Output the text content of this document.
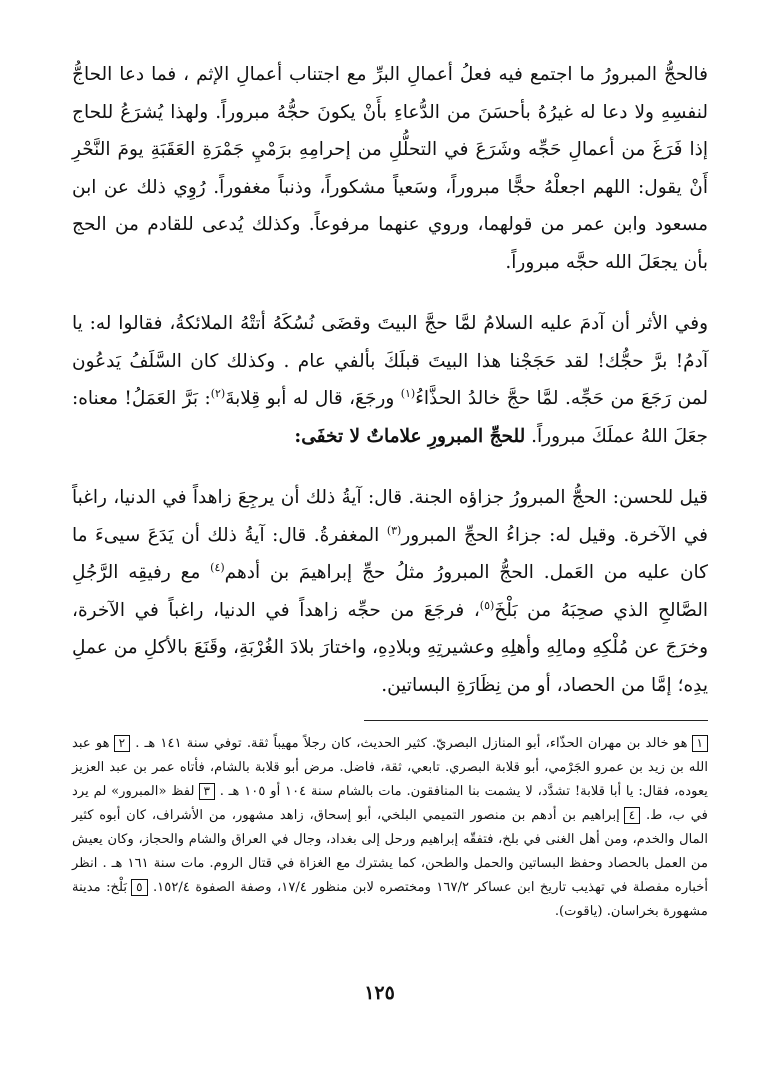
فالحجُّ المبرورُ ما اجتمع فيه فعلُ أعمالِ البرِّ مع اجتناب أعمالِ الإثم ، فما دعا الحاجُّ لنفسِهِ ولا دعا له غيرُهُ بأحسَنَ من الدُّعاءِ بأَنْ يكونَ حجُّهُ مبروراً. ولهذا يُشرَعُ للحاج إذا فَرَغَ من أعمالِ حَجِّه وشَرَعَ في التحلُّلِ من إحرامِهِ برَمْيِ جَمْرَةِ العَقَبَةِ يومَ النَّحْرِ أَنْ يقول: اللهم اجعلْهُ حجًّا مبروراً، وسَعياً مشكوراً، وذنباً مغفوراً. رُوِي ذلك عن ابن مسعود وابن عمر من قولهما، وروي عنهما مرفوعاً. وكذلك يُدعى للقادم من الحج بأن يجعَلَ الله حجَّه مبروراً.

وفي الأثر أن آدمَ عليه السلامُ لمَّا حجَّ البيتَ وقضَى نُسُكَهُ أتتْهُ الملائكةُ، فقالوا له: يا آدمُ! برَّ حجُّك! لقد حَجَجْنا هذا البيتَ قبلَكَ بألفي عام . وكذلك كان السَّلَفُ يَدعُون لمن رَجَعَ من حَجِّه. لمَّا حجَّ خالدُ الحذَّاءُ$^{(١)}$ ورجَعَ، قال له أبو قِلابةَ$^{(٢)}$: بَرَّ العَمَلُ! معناه: جعَلَ اللهُ عملَكَ مبروراً. للحجِّ المبرورِ علاماتٌ لا تخفَى:

قيل للحسن: الحجُّ المبرورُ جزاؤه الجنة. قال: آيةُ ذلك أن يرجِعَ زاهداً في الدنيا، راغباً في الآخرة. وقيل له: جزاءُ الحجِّ المبرور$^{(٣)}$ المغفرةُ. قال: آيةُ ذلك أن يَدَعَ سيىءَ ما كان عليه من العَمل. الحجُّ المبرورُ مثلُ حجِّ إبراهيمَ بن أدهم$^{(٤)}$ مع رفيقِه الرَّجُلِ الصَّالحِ الذي صحِبَهُ من بَلْخَ$^{(٥)}$، فرجَعَ من حجِّه زاهداً في الدنيا، راغباً في الآخرة، وخرَجَ عن مُلْكِهِ ومالِهِ وأهلِهِ وعشيرتِهِ وبلادِهِ، واختارَ بلادَ الغُرْبَةِ، وقَنَعَ بالأكلِ من عملِ يدِه؛ إمَّا من الحصاد، أو من نِظَارَةِ البساتين.

١هو خالد بن مهران الحذّاء، أبو المنازل البصريّ. كثير الحديث، كان رجلاً مهيباً ثقة. توفي سنة ١٤١ هـ . ٢هو عبد الله بن زيد بن عمرو الجَرْمي، أبو قلابة البصري. تابعي، ثقة، فاضل. مرض أبو قلابة بالشام، فأتاه عمر بن عبد العزيز يعوده، فقال: يا أبا قلابة! تشدَّد، لا يشمت بنا المنافقون. مات بالشام سنة ١٠٤ أو ١٠٥ هـ . ٣لفظ «المبرور» لم يرد في ب، ط. ٤إبراهيم بن أدهم بن منصور التميمي البلخي، أبو إسحاق، زاهد مشهور، من الأشراف، كان أبوه كثير المال والخدم، ومن أهل الغنى في بلخ، فتفقّه إبراهيم ورحل إلى بغداد، وجال في العراق والشام والحجاز، وكان يعيش من العمل بالحصاد وحفظ البساتين والحمل والطحن، كما يشترك مع الغزاة في قتال الروم. مات سنة ١٦١ هـ . انظر أخباره مفصلة في تهذيب تاريخ ابن عساكر ١٦٧/٢ ومختصره لابن منظور ١٧/٤، وصفة الصفوة ١٥٢/٤. ٥بَلْخ: مدينة مشهورة بخراسان. (ياقوت).

١٢٥
